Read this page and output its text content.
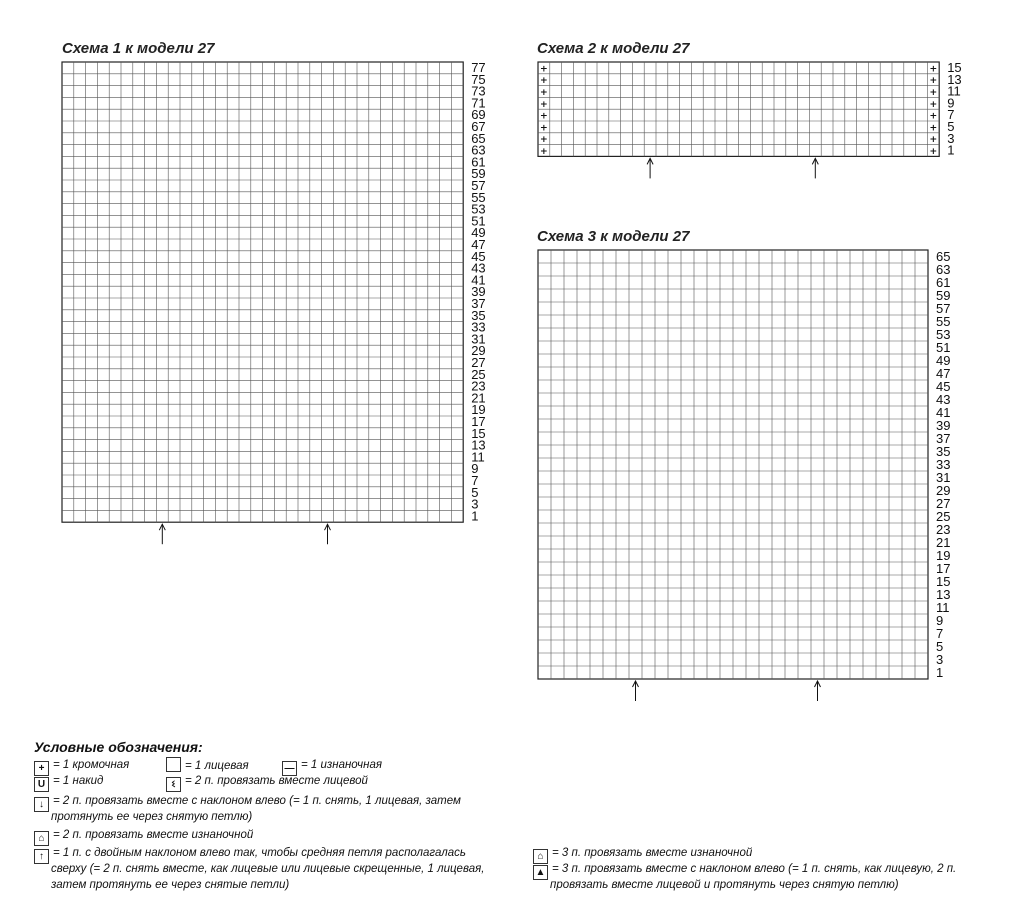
Схема 1 к модели 27	Схема 2 к модели 27
Схема 3 к модели 27
77
75
73
71
69
67
65
63
61
59
57
55
53
51
49
47
45
43
41
39
37
35
33
31
29
27
25
23
21
19
17
15
13
11
9
7
5
3
1
+	+
+	+
+	+
+	+
+	+
+	+
+	+
+	+
15
13
11
9
7
5
3
1
65
63
61
59
57
55
53
51
49
47
45
43
41
39
37
35
33
31
29
27
25
23
21
19
17
15
13
11
9
7
5
3
1
Условные обозначения:
+ = 1 кромочная	= 1 лицевая	— = 1 изнаночная
U = 1 накид	ଽ = 2 п. провязать вместе лицевой
↓ = 2 п. провязать вместе с наклоном влево (= 1 п. снять, 1 лицевая, затем
протянуть ее через снятую петлю)
⌂ = 2 п. провязать вместе изнаночной
↑ = 1 п. с двойным наклоном влево так, чтобы средняя петля располагалась
сверху (= 2 п. снять вместе, как лицевые или лицевые скрещенные, 1 лицевая,
затем протянуть ее через снятые петли)
⌂ = 3 п. провязать вместе изнаночной
▲ = 3 п. провязать вместе с наклоном влево (= 1 п. снять, как лицевую, 2 п.
провязать вместе лицевой и протянуть через снятую петлю)
